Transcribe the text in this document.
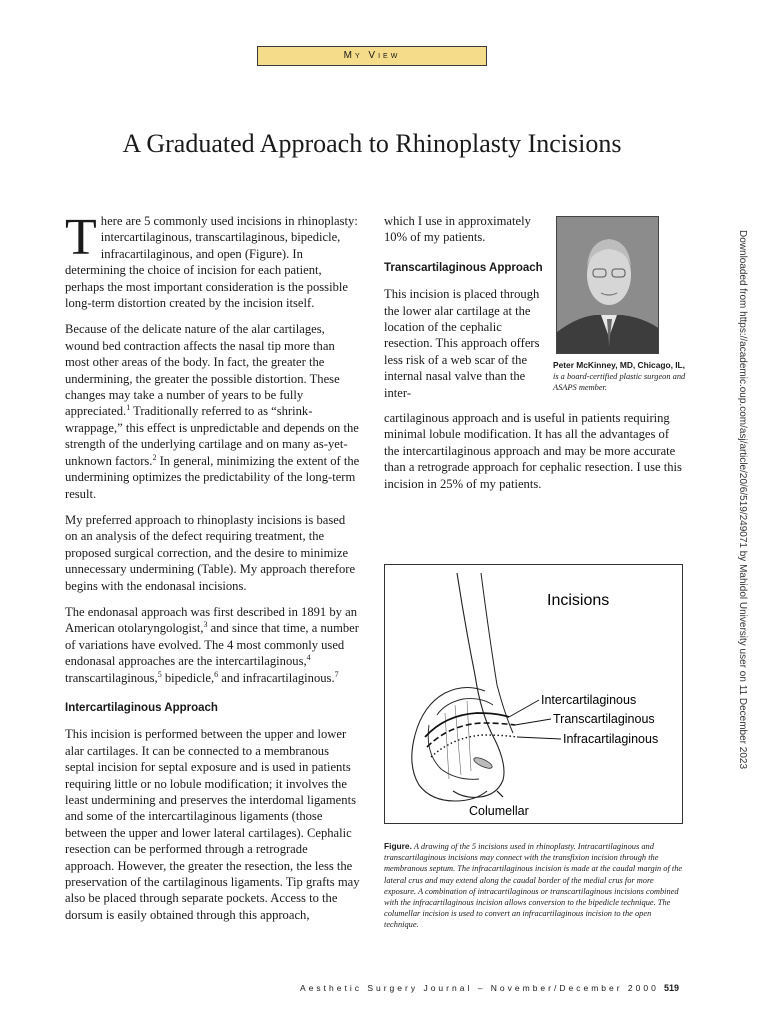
My View
A Graduated Approach to Rhinoplasty Incisions

There are 5 commonly used incisions in rhinoplasty: intercartilaginous, transcartilaginous, bipedicle, infracartilaginous, and open (Figure). In determining the choice of incision for each patient, perhaps the most important consideration is the possible long-term distortion created by the incision itself.

Because of the delicate nature of the alar cartilages, wound bed contraction affects the nasal tip more than most other areas of the body. In fact, the greater the undermining, the greater the possible distortion. These changes may take a number of years to be fully appreciated.$^1$ Traditionally referred to as “shrink-wrappage,” this effect is unpredictable and depends on the strength of the underlying cartilage and on many as-yet-unknown factors.$^2$ In general, minimizing the extent of the undermining optimizes the predictability of the long-term result.

My preferred approach to rhinoplasty incisions is based on an analysis of the defect requiring treatment, the proposed surgical correction, and the desire to minimize unnecessary undermining (Table). My approach therefore begins with the endonasal incisions.

The endonasal approach was first described in 1891 by an American otolaryngologist,$^3$ and since that time, a number of variations have evolved. The 4 most commonly used endonasal approaches are the intercartilaginous,$^4$ transcartilaginous,$^5$ bipedicle,$^6$ and infracartilaginous.$^7$

Intercartilaginous Approach

This incision is performed between the upper and lower alar cartilages. It can be connected to a membranous septal incision for septal exposure and is used in patients requiring little or no lobule modification; it involves the least undermining and preserves the interdomal ligaments and some of the intercartilaginous ligaments (those between the upper and lower lateral cartilages). Cephalic resection can be performed through a retrograde approach. However, the greater the resection, the less the preservation of the cartilaginous ligaments. Tip grafts may also be placed through separate pockets. Access to the dorsum is easily obtained through this approach,

which I use in approximately 10% of my patients.

Transcartilaginous Approach

This incision is placed through the lower alar cartilage at the location of the cephalic resection. This approach offers less risk of a web scar of the internal nasal valve than the inter-

cartilaginous approach and is useful in patients requiring minimal lobule modification. It has all the advantages of the intercartilaginous approach and may be more accurate than a retrograde approach for cephalic resection. I use this incision in 25% of my patients.

Peter McKinney, MD, Chicago, IL, is a board-certified plastic surgeon and ASAPS member.
Incisions
Intercartilaginous
Transcartilaginous
Infracartilaginous
Columellar
Figure. A drawing of the 5 incisions used in rhinoplasty. Intracartilaginous and transcartilaginous incisions may connect with the transfixion incision through the membranous septum. The infracartilaginous incision is made at the caudal margin of the lateral crus and may extend along the caudal border of the medial crus for more exposure. A combination of intracartilaginous or transcartilaginous incisions combined with the infracartilaginous incision allows conversion to the bipedicle technique. The columellar incision is used to convert an infracartilaginous incision to the open technique.
Downloaded from https://academic.oup.com/asj/article/20/6/519/249071 by Mahidol University user on 11 December 2023
Aesthetic Surgery Journal – November/December 2000 519
